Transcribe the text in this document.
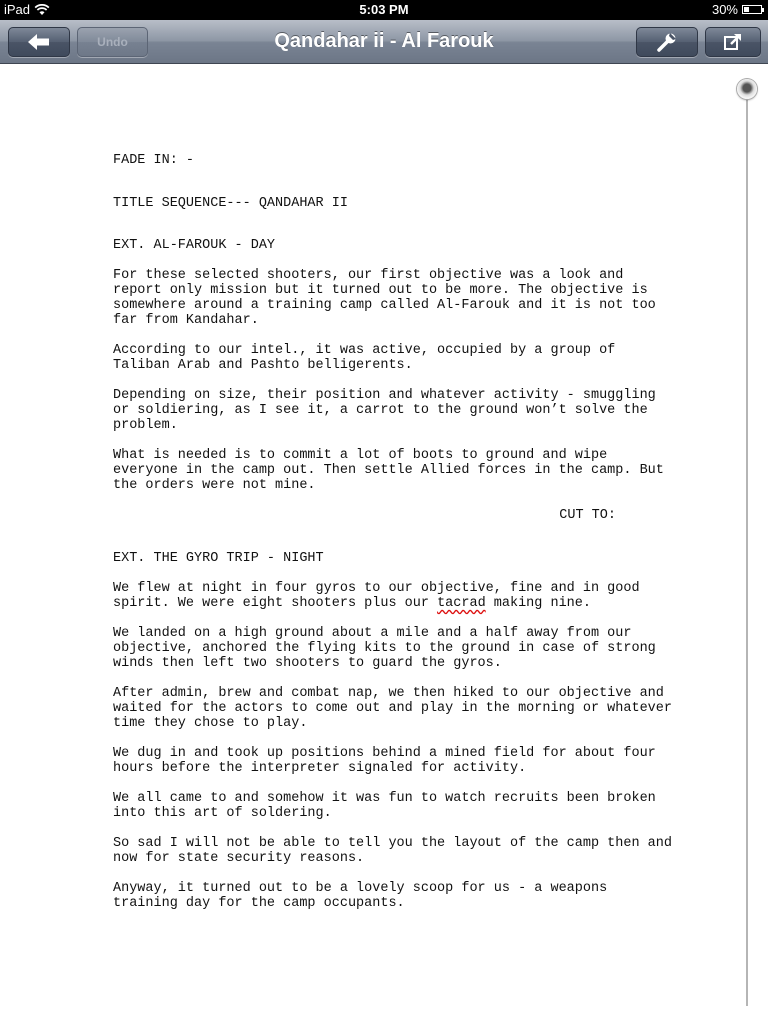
iPad	5:03 PM	30%
Undo	Qandahar ii - Al Farouk

FADE IN: -

TITLE SEQUENCE--- QANDAHAR II

EXT. AL-FAROUK - DAY

For these selected shooters, our first objective was a look and report only mission but it turned out to be more. The objective is somewhere around a training camp called Al-Farouk and it is not too far from Kandahar.

According to our intel., it was active, occupied by a group of Taliban Arab and Pashto belligerents.

Depending on size, their position and whatever activity - smuggling or soldiering, as I see it, a carrot to the ground won’t solve the problem.

What is needed is to commit a lot of boots to ground and wipe everyone in the camp out. Then settle Allied forces in the camp. But the orders were not mine.

CUT TO:

EXT. THE GYRO TRIP - NIGHT

We flew at night in four gyros to our objective, fine and in good spirit. We were eight shooters plus our tacrad making nine.

We landed on a high ground about a mile and a half away from our objective, anchored the flying kits to the ground in case of strong winds then left two shooters to guard the gyros.

After admin, brew and combat nap, we then hiked to our objective and waited for the actors to come out and play in the morning or whatever time they chose to play.

We dug in and took up positions behind a mined field for about four hours before the interpreter signaled for activity.

We all came to and somehow it was fun to watch recruits been broken into this art of soldering.

So sad I will not be able to tell you the layout of the camp then and now for state security reasons.

Anyway, it turned out to be a lovely scoop for us - a weapons training day for the camp occupants.
